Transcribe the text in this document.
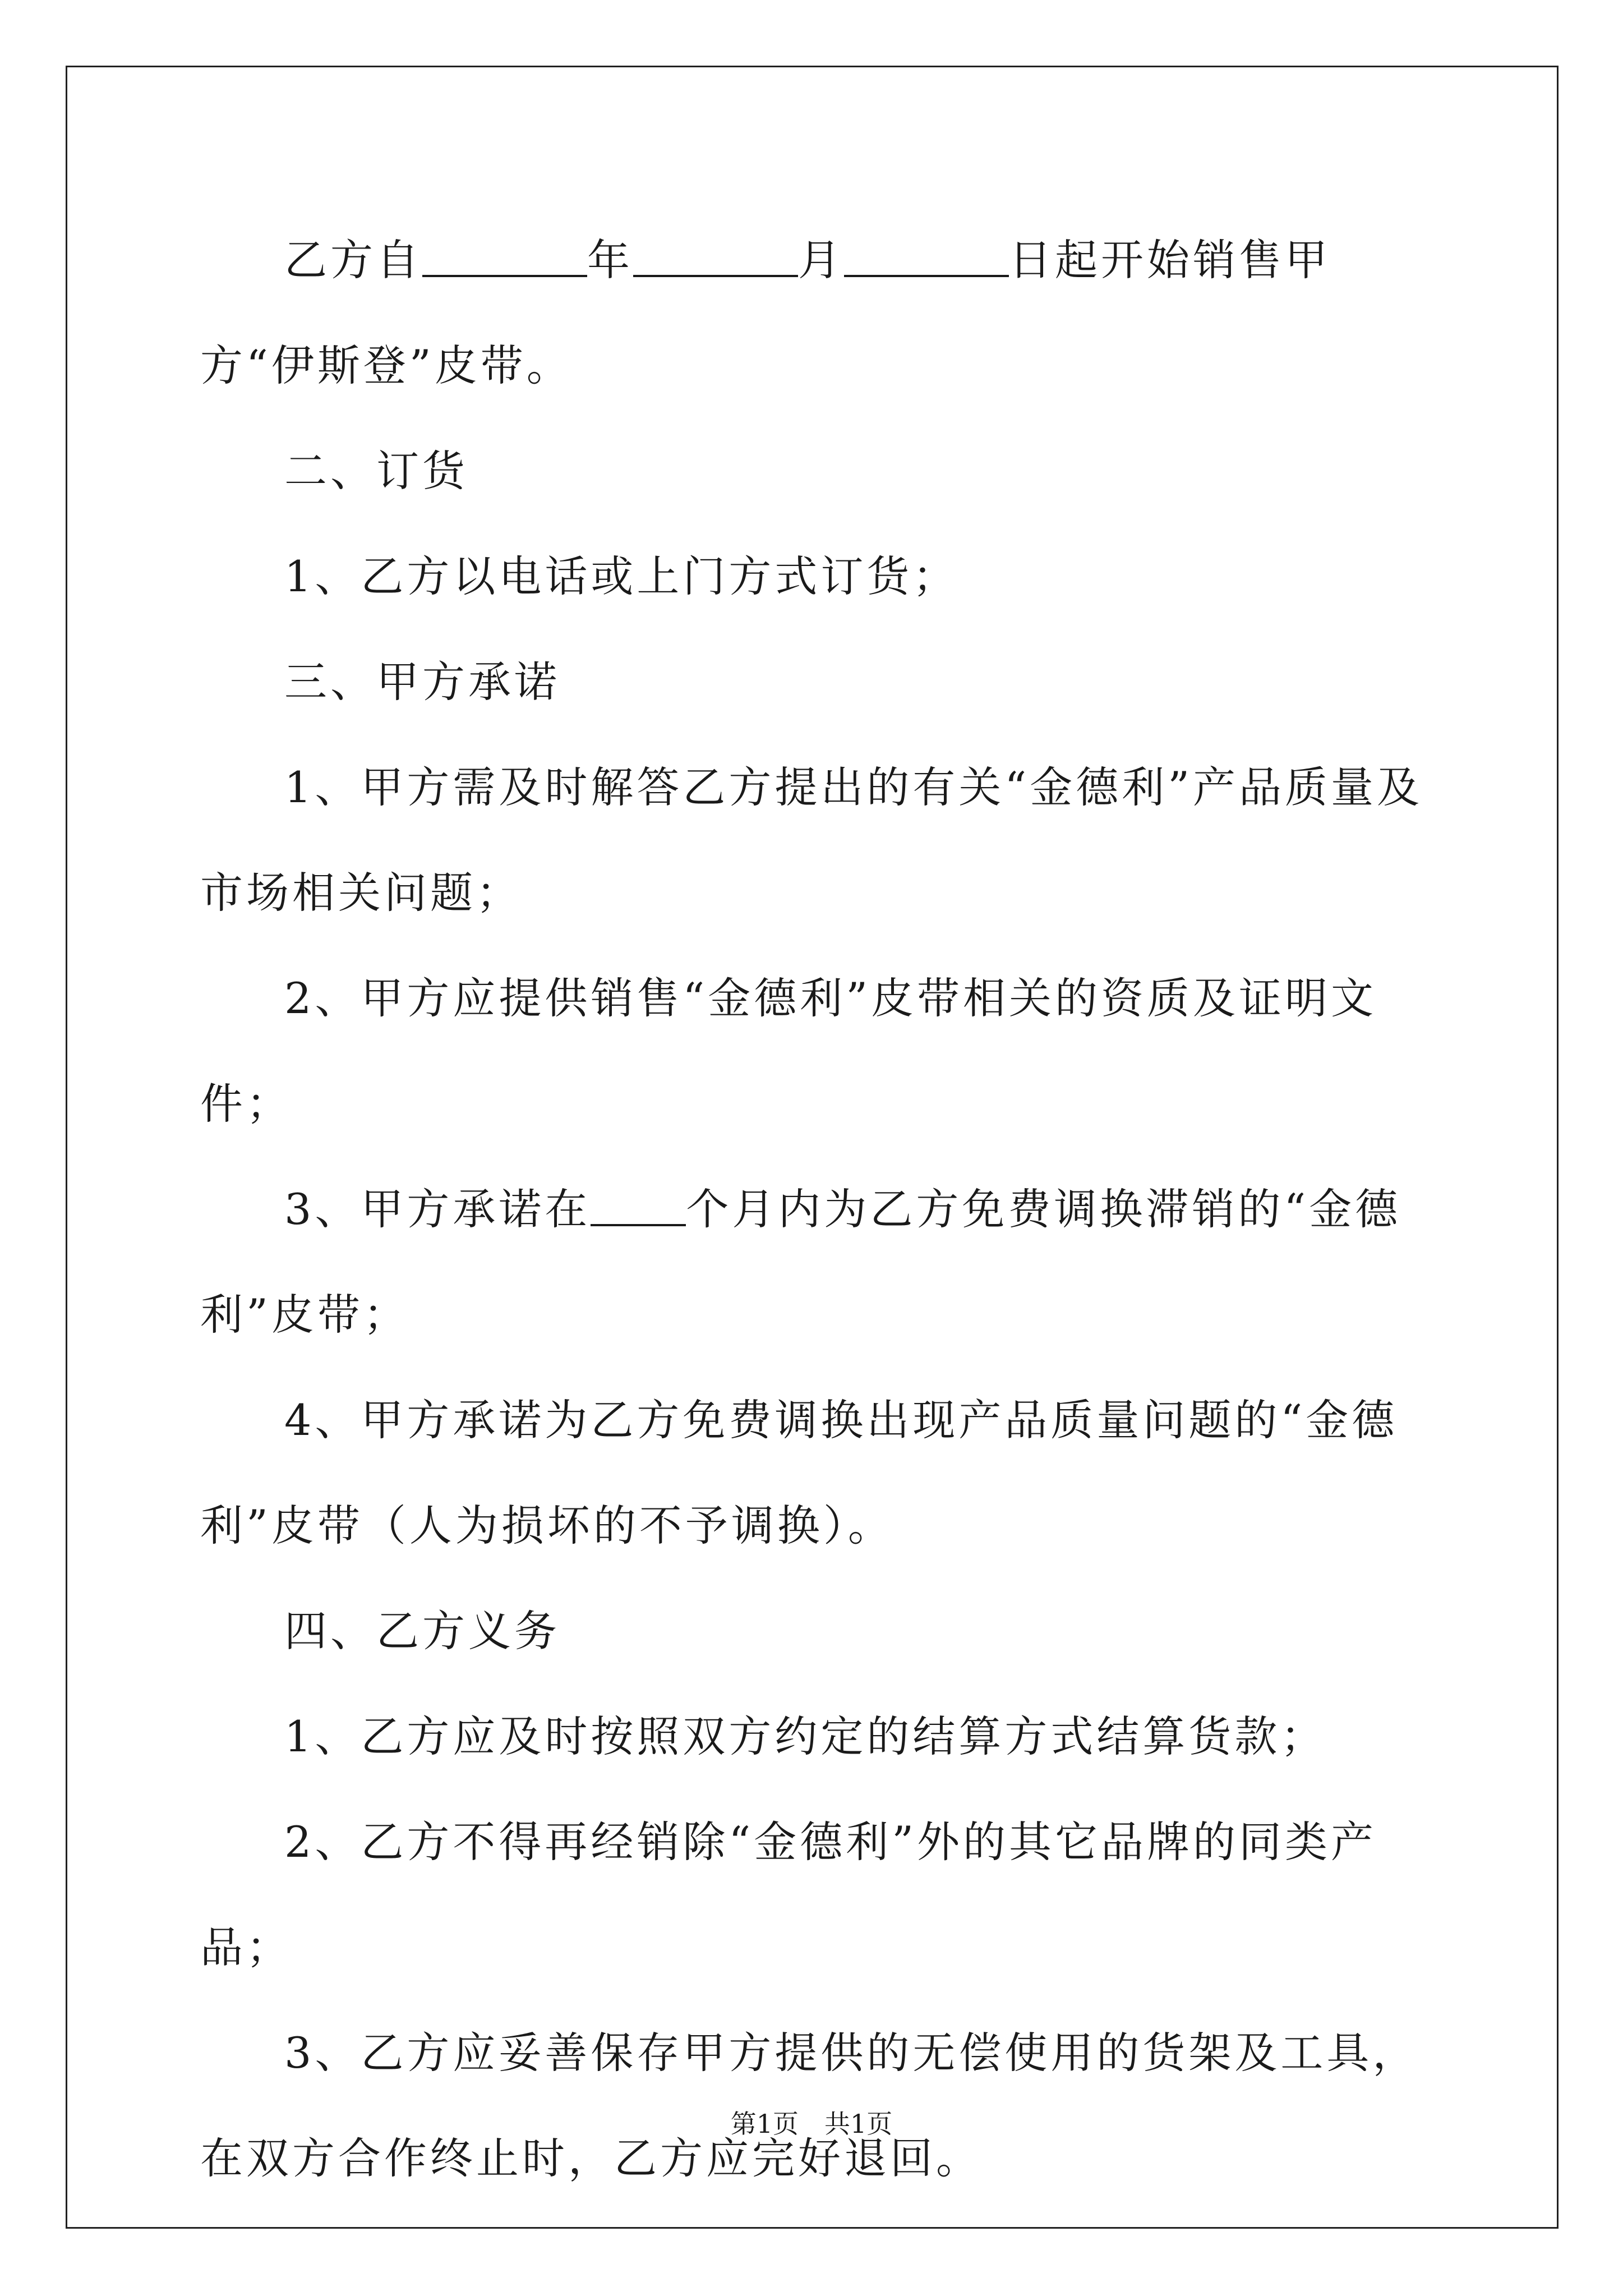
乙方自	年	月	日起开始销售甲方“伊斯登”皮带。

二、订货

1、乙方以电话或上门方式订货；

三、甲方承诺

1、甲方需及时解答乙方提出的有关“金德利”产品质量及市场相关问题；

2、甲方应提供销售“金德利”皮带相关的资质及证明文件；

3、甲方承诺在 个月内为乙方免费调换滞销的“金德利”皮带；

4、甲方承诺为乙方免费调换出现产品质量问题的“金德利”皮带（人为损坏的不予调换）。

四、乙方义务

1、乙方应及时按照双方约定的结算方式结算货款；

2、乙方不得再经销除“金德利”外的其它品牌的同类产品；

3、乙方应妥善保存甲方提供的无偿使用的货架及工具，在双方合作终止时，乙方应完好退回。

第1页 共1页
